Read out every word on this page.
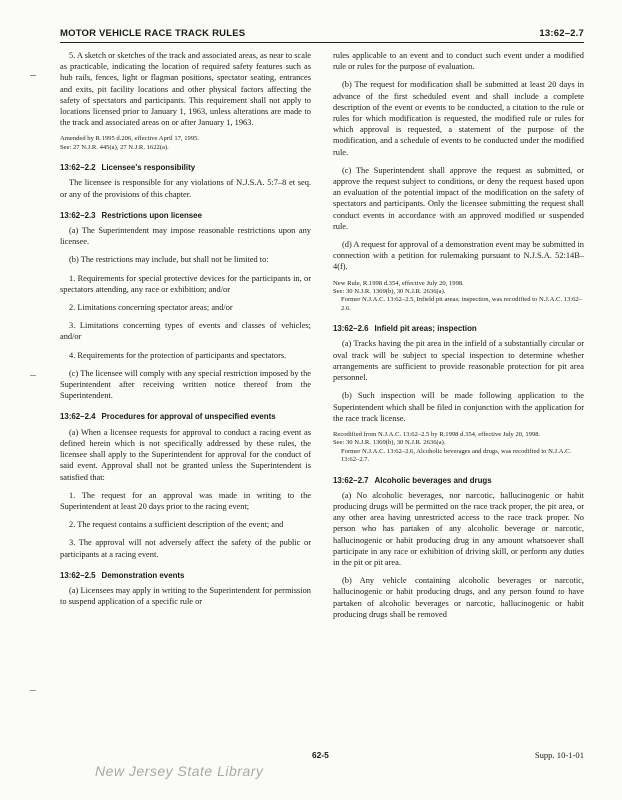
MOTOR VEHICLE RACE TRACK RULES	13:62–2.7

5. A sketch or sketches of the track and associated areas, as near to scale as practicable, indicating the location of required safety features such as hub rails, fences, light or flagman positions, spectator seating, entrances and exits, pit facility locations and other physical factors affecting the safety of spectators and participants. This requirement shall not apply to locations licensed prior to January 1, 1963, unless alterations are made to the track and associated areas on or after January 1, 1963.

Amended by R.1995 d.206, effective April 17, 1995.
See: 27 N.J.R. 445(a), 27 N.J.R. 1622(a).
13:62–2.2 Licensee's responsibility

The licensee is responsible for any violations of N.J.S.A. 5:7–8 et seq. or any of the provisions of this chapter.

13:62–2.3 Restrictions upon licensee

(a) The Superintendent may impose reasonable restrictions upon any licensee.

(b) The restrictions may include, but shall not be limited to:

1. Requirements for special protective devices for the participants in, or spectators attending, any race or exhibition; and/or

2. Limitations concerning spectator areas; and/or

3. Limitations concerning types of events and classes of vehicles; and/or

4. Requirements for the protection of participants and spectators.

(c) The licensee will comply with any special restriction imposed by the Superintendent after receiving written notice thereof from the Superintendent.

13:62–2.4 Procedures for approval of unspecified events

(a) When a licensee requests for approval to conduct a racing event as defined herein which is not specifically addressed by these rules, the licensee shall apply to the Superintendent for approval for the conduct of said event. Approval shall not be granted unless the Superintendent is satisfied that:

1. The request for an approval was made in writing to the Superintendent at least 20 days prior to the racing event;

2. The request contains a sufficient description of the event; and

3. The approval will not adversely affect the safety of the public or participants at a racing event.

13:62–2.5 Demonstration events

(a) Licensees may apply in writing to the Superintendent for permission to suspend application of a specific rule or

rules applicable to an event and to conduct such event under a modified rule or rules for the purpose of evaluation.

(b) The request for modification shall be submitted at least 20 days in advance of the first scheduled event and shall include a complete description of the event or events to be conducted, a citation to the rule or rules for which modification is requested, the modified rule or rules for which approval is requested, a statement of the purpose of the modification, and a schedule of events to be conducted under the modified rule.

(c) The Superintendent shall approve the request as submitted, or approve the request subject to conditions, or deny the request based upon an evaluation of the potential impact of the modification on the safety of spectators and participants. Only the licensee submitting the request shall conduct events in accordance with an approved modified or suspended rule.

(d) A request for approval of a demonstration event may be submitted in connection with a petition for rulemaking pursuant to N.J.S.A. 52:14B–4(f).

New Rule, R.1998 d.354, effective July 20, 1998.
See: 30 N.J.R. 1369(b), 30 N.J.R. 2636(a).
Former N.J.A.C. 13:62–2.5, Infield pit areas; inspection, was recodified to N.J.A.C. 13:62–2.6.
13:62–2.6 Infield pit areas; inspection

(a) Tracks having the pit area in the infield of a substantially circular or oval track will be subject to special inspection to determine whether arrangements are sufficient to provide reasonable protection for pit area personnel.

(b) Such inspection will be made following application to the Superintendent which shall be filed in conjunction with the application for the race track license.

Recodified from N.J.A.C. 13:62–2.5 by R.1998 d.354, effective July 20, 1998.
See: 30 N.J.R. 1369(b), 30 N.J.R. 2636(a).
Former N.J.A.C. 13:62–2.6, Alcoholic beverages and drugs, was recodified to N.J.A.C. 13:62–2.7.
13:62–2.7 Alcoholic beverages and drugs

(a) No alcoholic beverages, nor narcotic, hallucinogenic or habit producing drugs will be permitted on the race track proper, the pit area, or any other area having unrestricted access to the race track proper. No person who has partaken of any alcoholic beverage or narcotic, hallucinogenic or habit producing drug in any amount whatsoever shall participate in any race or exhibition of driving skill, or perform any duties in the pit or pit area.

(b) Any vehicle containing alcoholic beverages or narcotic, hallucinogenic or habit producing drugs, and any person found to have partaken of alcoholic beverages or narcotic, hallucinogenic or habit producing drugs shall be removed

62-5	Supp. 10-1-01
New Jersey State Library
